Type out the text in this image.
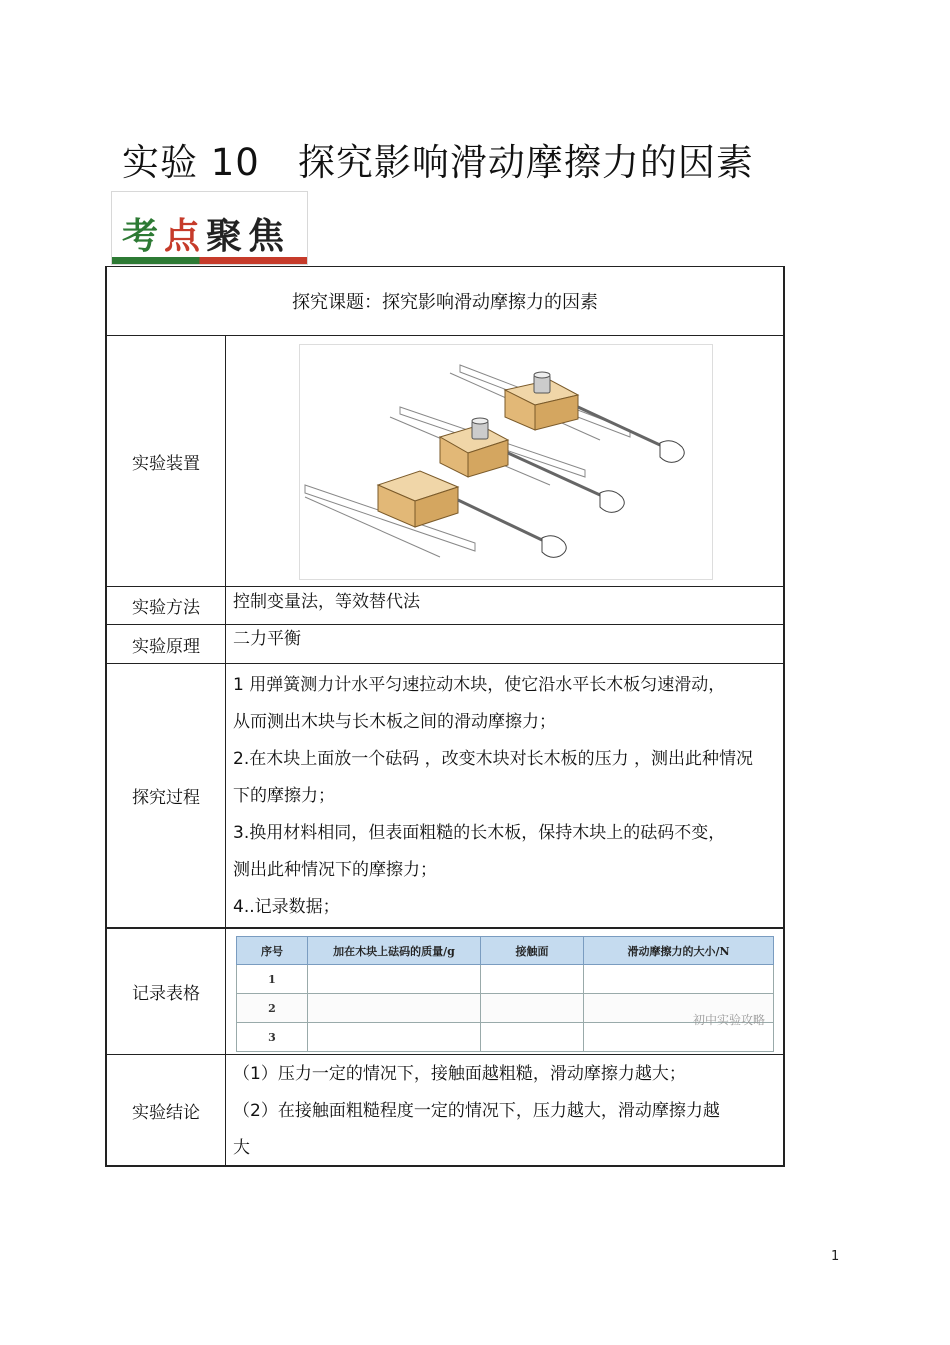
实验 10　探究影响滑动摩擦力的因素
考点聚焦
探究课题：探究影响滑动摩擦力的因素
实验装置
实验方法	控制变量法，等效替代法
实验原理	二力平衡
探究过程
1 用弹簧测力计水平匀速拉动木块，使它沿水平长木板匀速滑动，
从而测出木块与长木板之间的滑动摩擦力；
2.在木块上面放一个砝码 ，改变木块对长木板的压力 ，测出此种情况
下的摩擦力；
3.换用材料相同，但表面粗糙的长木板，保持木块上的砝码不变，
测出此种情况下的摩擦力；
4..记录数据；
记录表格
序号	加在木块上砝码的质量/g	接触面	滑动摩擦力的大小/N
1			
2			
3			
初中实验攻略
实验结论
（1）压力一定的情况下，接触面越粗糙，滑动摩擦力越大；
（2）在接触面粗糙程度一定的情况下，压力越大，滑动摩擦力越
大
1
